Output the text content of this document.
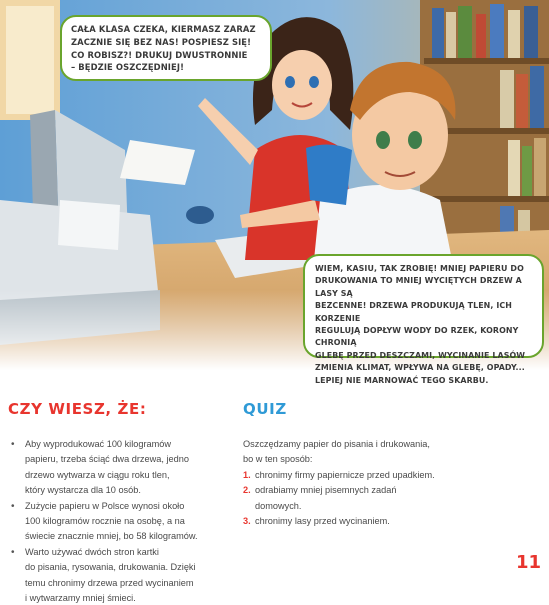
CAŁA KLASA CZEKA, KIERMASZ ZARAZ

ZACZNIE SIĘ BEZ NAS! POSPIESZ SIĘ!

CO ROBISZ?! DRUKUJ DWUSTRONNIE

– BĘDZIE OSZCZĘDNIEJ!

WIEM, KASIU, TAK ZROBIĘ! MNIEJ PAPIERU DO

DRUKOWANIA TO MNIEJ WYCIĘTYCH DRZEW A LASY SĄ

BEZCENNE! DRZEWA PRODUKUJĄ TLEN, ICH KORZENIE

REGULUJĄ DOPŁYW WODY DO RZEK, KORONY CHRONIĄ

GLEBĘ PRZED DESZCZAMI, WYCINANIE LASÓW

ZMIENIA KLIMAT, WPŁYWA NA GLEBĘ, OPADY...

LEPIEJ NIE MARNOWAĆ TEGO SKARBU.

CZY WIESZ, ŻE:
• Aby wyprodukować 100 kilogramów
papieru, trzeba ściąć dwa drzewa, jedno
drzewo wytwarza w ciągu roku tlen,
który wystarcza dla 10 osób.
• Zużycie papieru w Polsce wynosi około
100 kilogramów rocznie na osobę, a na
świecie znacznie mniej, bo 58 kilogramów.
• Warto używać dwóch stron kartki
do pisania, rysowania, drukowania. Dzięki
temu chronimy drzewa przed wycinaniem
i wytwarzamy mniej śmieci.
QUIZ
Oszczędzamy papier do pisania i drukowania,
bo w ten sposób:
1. chronimy firmy papiernicze przed upadkiem.
2. odrabiamy mniej pisemnych zadań
domowych.
3. chronimy lasy przed wycinaniem.
11
